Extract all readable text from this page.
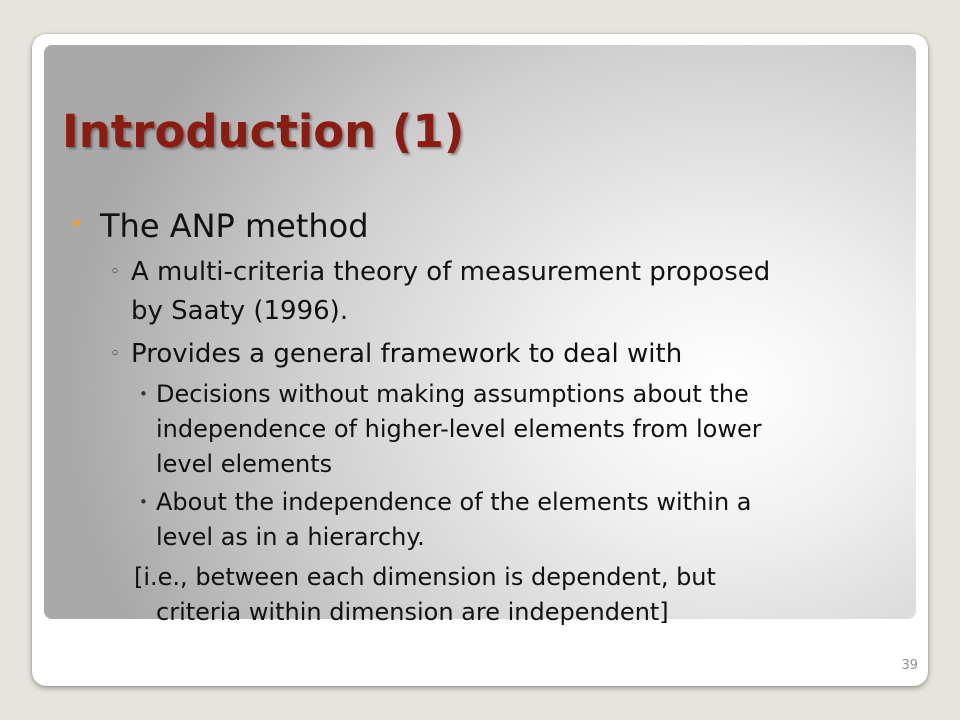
Introduction (1)
• The ANP method

◦ A multi-criteria theory of measurement proposed

by Saaty (1996).

◦ Provides a general framework to deal with

• Decisions without making assumptions about the

independence of higher-level elements from lower

level elements

• About the independence of the elements within a

level as in a hierarchy.

[i.e., between each dimension is dependent, but

criteria within dimension are independent]

39
